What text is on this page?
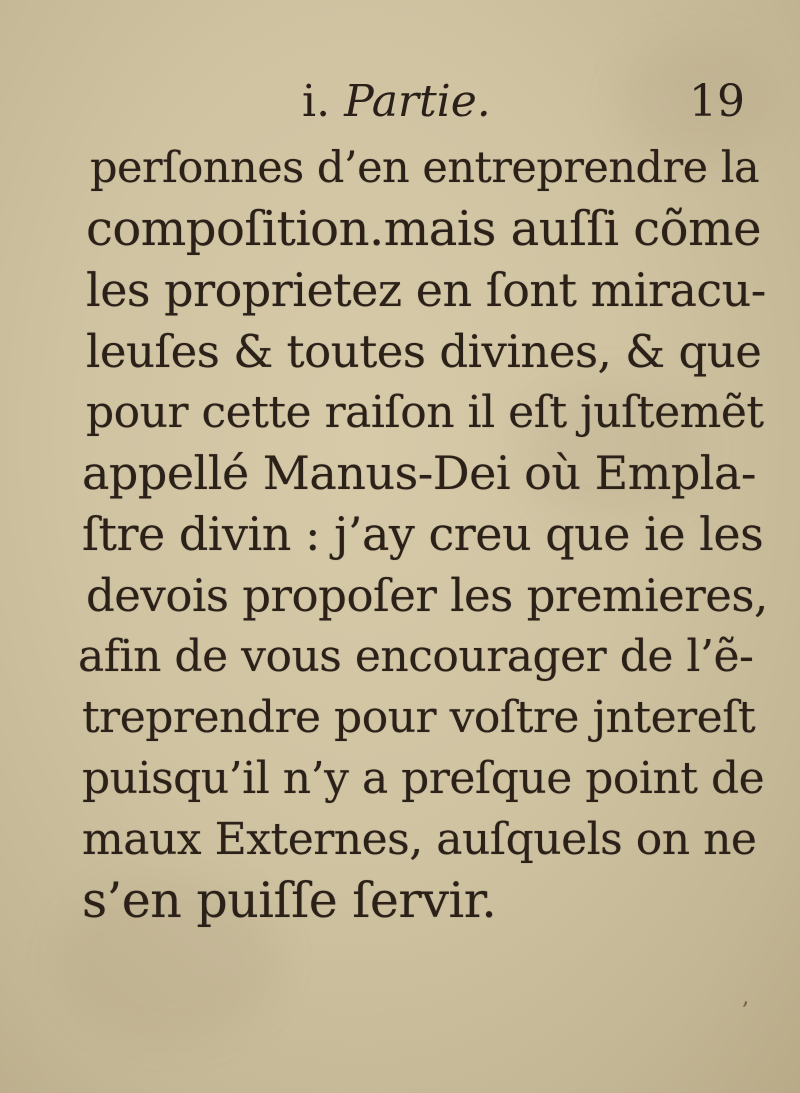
i. Partie.	19
perſonnes d’en entreprendre la
compoſition.mais auſſi cõme
les proprietez en ſont miracu-
leuſes & toutes divines, & que
pour cette raiſon il eſt juſtemẽt
appellé Manus-Dei où Empla-
ſtre divin : j’ay creu que ie les
devois propoſer les premieres,
afin de vous encourager de l’ẽ-
treprendre pour voſtre jntereſt
puisqu’il n’y a preſque point de
maux Externes, auſquels on ne
s’en puiſſe ſervir.
‚
